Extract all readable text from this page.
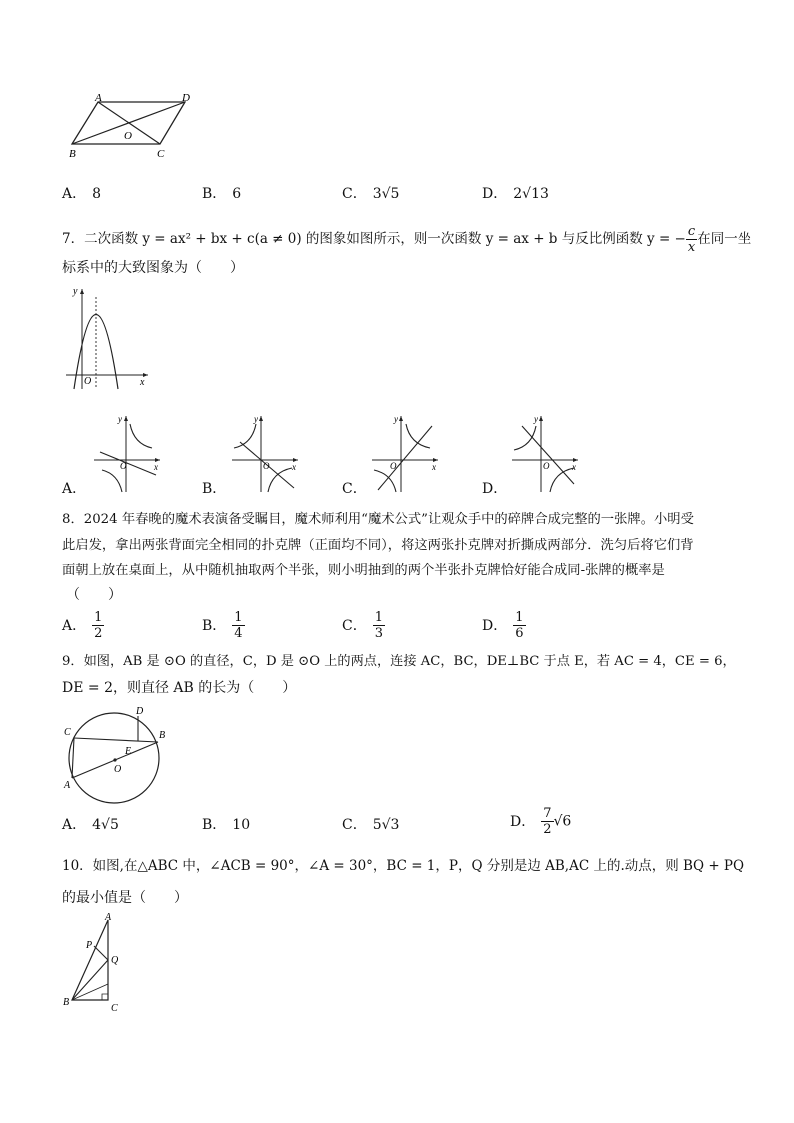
A	D
O
B	C
A． 8	B． 6	C． 3√5	D． 2√13
7．二次函数 y = ax² + bx + c(a ≠ 0) 的图象如图所示，则一次函数 y = ax + b 与反比例函数 y = − $\frac{c}{x}$ 在同一坐
标系中的大致图象为（　　）
y
x
O
A．
y
x
O
B．
y
x
O
C．
y
x
O
D．
y
x
O
8．2024 年春晚的魔术表演备受瞩目，魔术师利用“魔术公式”让观众手中的碎牌合成完整的一张牌。小明受
此启发，拿出两张背面完全相同的扑克牌（正面均不同），将这两张扑克牌对折撕成两部分．洗匀后将它们背
面朝上放在桌面上，从中随机抽取两个半张，则小明抽到的两个半张扑克牌恰好能合成同-张牌的概率是
（　　）
A． $\frac{1}{2}$	B． $\frac{1}{4}$	C． $\frac{1}{3}$	D． $\frac{1}{6}$
9．如图，AB 是 ⊙O 的直径，C，D 是 ⊙O 上的两点，连接 AC，BC，DE⊥BC 于点 E，若 AC = 4，CE = 6，
DE = 2，则直径 AB 的长为（　　）
D
C	B
E
O
A
A． 4√5	B． 10	C． 5√3	D． $\frac{7}{2} √6$
10．如图,在△ABC 中，∠ACB = 90°，∠A = 30°，BC = 1，P，Q 分别是边 AB,AC 上的.动点，则 BQ + PQ
的最小值是（　　）
A
P
Q
B
C
